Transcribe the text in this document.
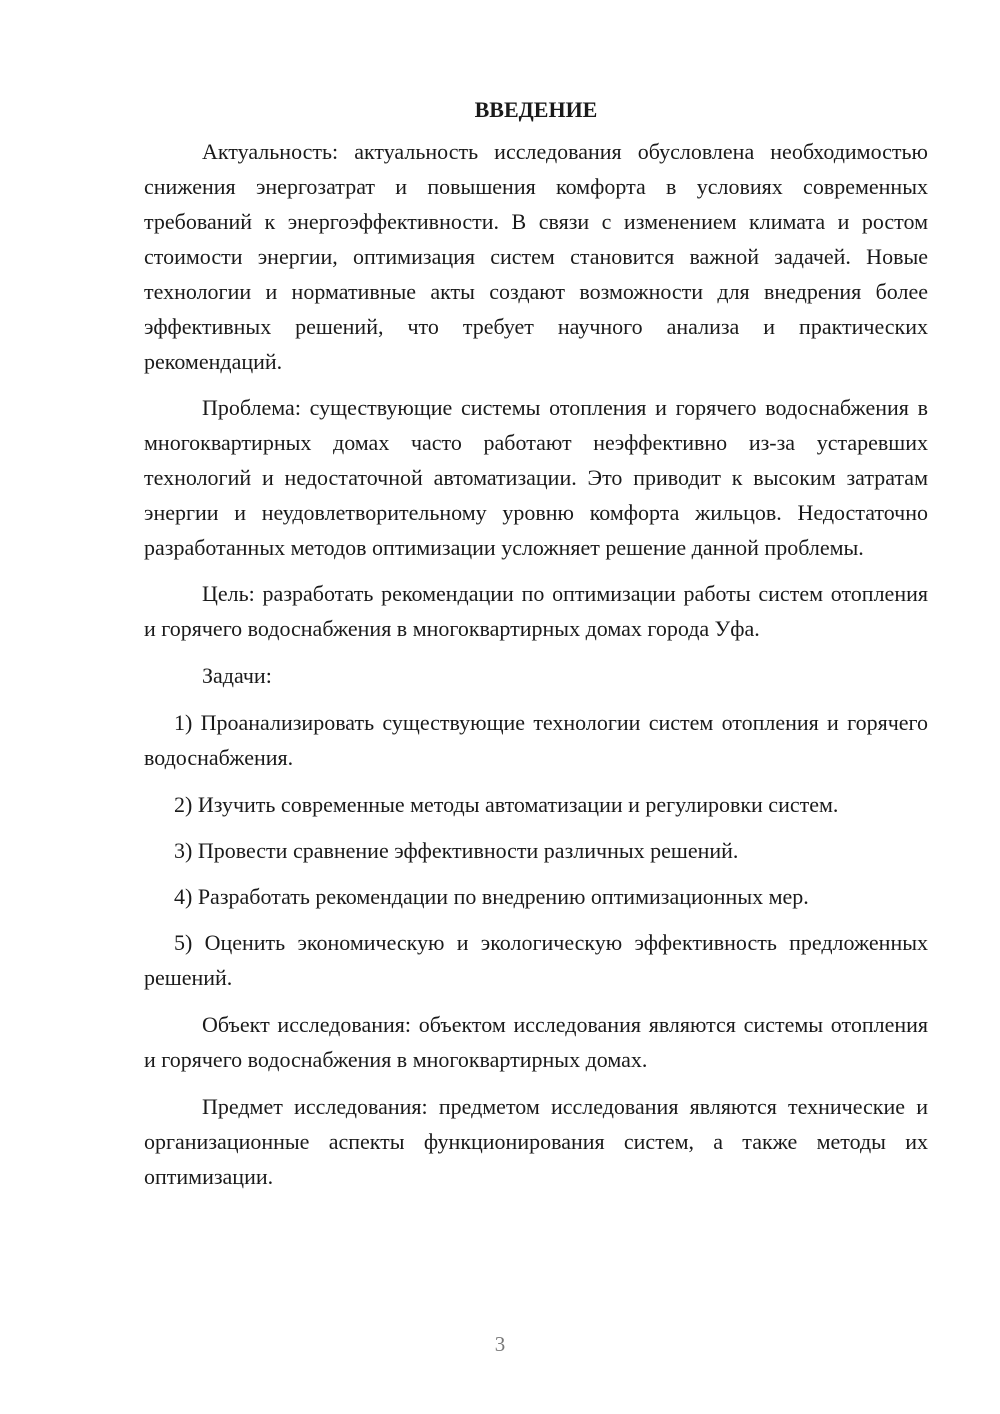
ВВЕДЕНИЕ

Актуальность: актуальность исследования обусловлена необходимостью снижения энергозатрат и повышения комфорта в условиях современных требований к энергоэффективности. В связи с изменением климата и ростом стоимости энергии, оптимизация систем становится важной задачей. Новые технологии и нормативные акты создают возможности для внедрения более эффективных решений, что требует научного анализа и практических рекомендаций.

Проблема: существующие системы отопления и горячего водоснабжения в многоквартирных домах часто работают неэффективно из-за устаревших технологий и недостаточной автоматизации. Это приводит к высоким затратам энергии и неудовлетворительному уровню комфорта жильцов. Недостаточно разработанных методов оптимизации усложняет решение данной проблемы.

Цель: разработать рекомендации по оптимизации работы систем отопления и горячего водоснабжения в многоквартирных домах города Уфа.

Задачи:

1) Проанализировать существующие технологии систем отопления и горячего водоснабжения.

2) Изучить современные методы автоматизации и регулировки систем.

3) Провести сравнение эффективности различных решений.

4) Разработать рекомендации по внедрению оптимизационных мер.

5) Оценить экономическую и экологическую эффективность предложенных решений.

Объект исследования: объектом исследования являются системы отопления и горячего водоснабжения в многоквартирных домах.

Предмет исследования: предметом исследования являются технические и организационные аспекты функционирования систем, а также методы их оптимизации.

3
